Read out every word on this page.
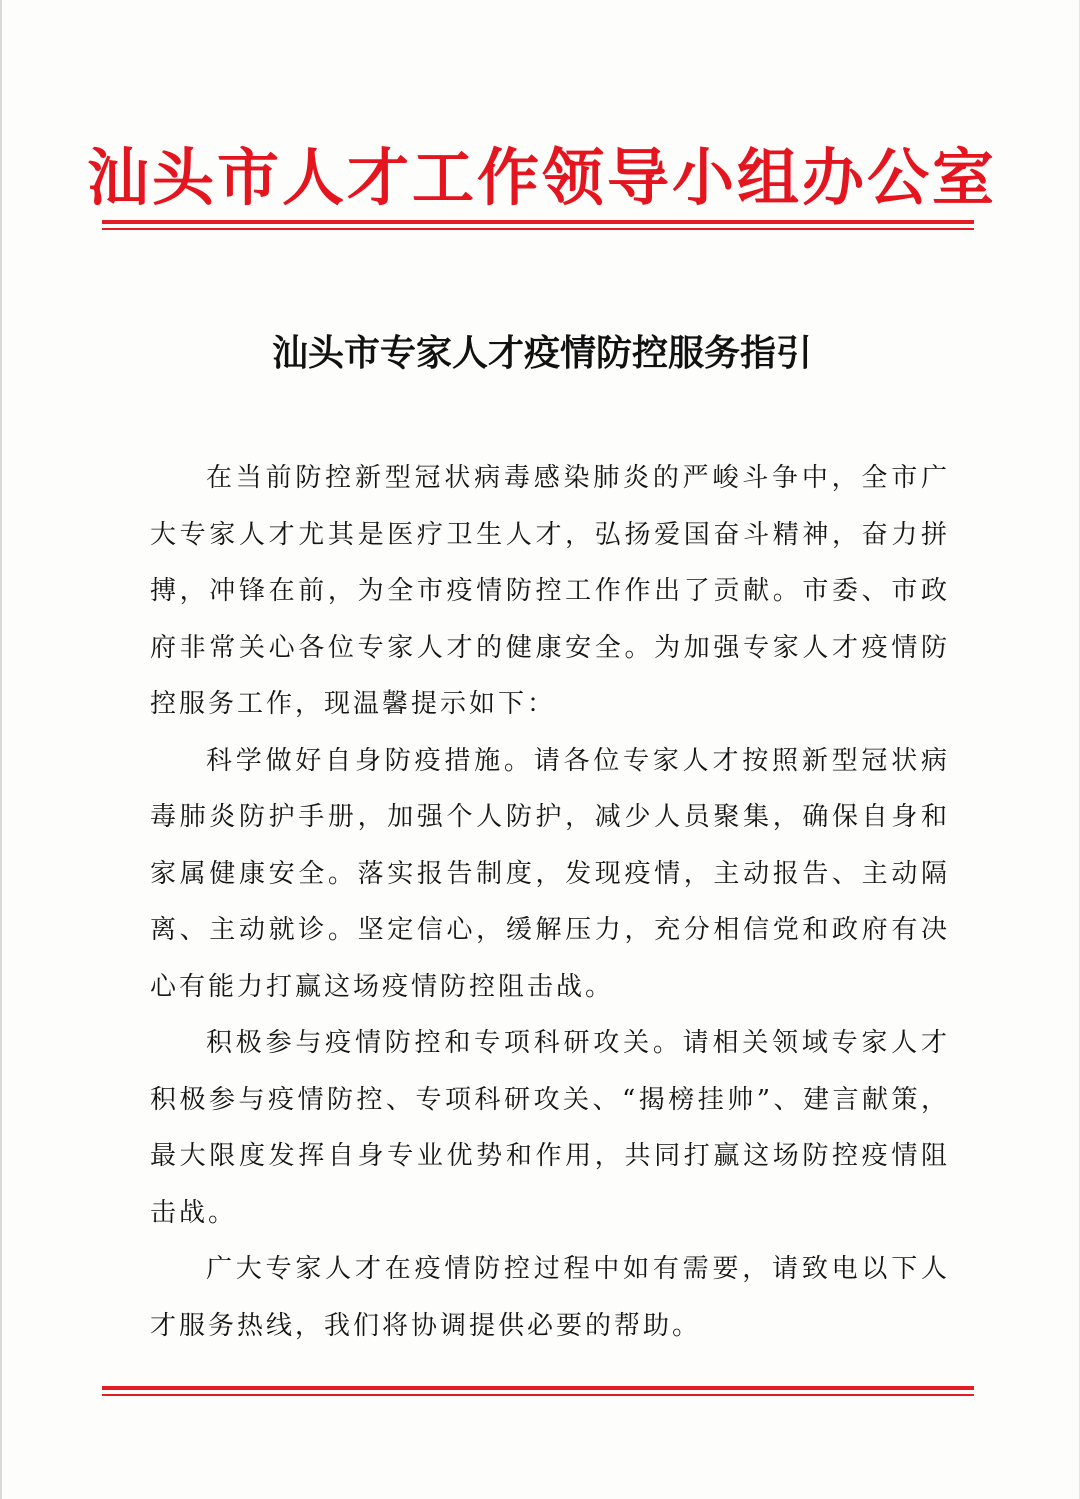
汕头市人才工作领导小组办公室
汕头市专家人才疫情防控服务指引

在当前防控新型冠状病毒感染肺炎的严峻斗争中，全市广大专家人才尤其是医疗卫生人才，弘扬爱国奋斗精神，奋力拼搏，冲锋在前，为全市疫情防控工作作出了贡献。市委、市政府非常关心各位专家人才的健康安全。为加强专家人才疫情防控服务工作，现温馨提示如下：

科学做好自身防疫措施。请各位专家人才按照新型冠状病毒肺炎防护手册，加强个人防护，减少人员聚集，确保自身和家属健康安全。落实报告制度，发现疫情，主动报告、主动隔离、主动就诊。坚定信心，缓解压力，充分相信党和政府有决心有能力打赢这场疫情防控阻击战。

积极参与疫情防控和专项科研攻关。请相关领域专家人才积极参与疫情防控、专项科研攻关、“揭榜挂帅”、建言献策，最大限度发挥自身专业优势和作用，共同打赢这场防控疫情阻击战。

广大专家人才在疫情防控过程中如有需要，请致电以下人才服务热线，我们将协调提供必要的帮助。
